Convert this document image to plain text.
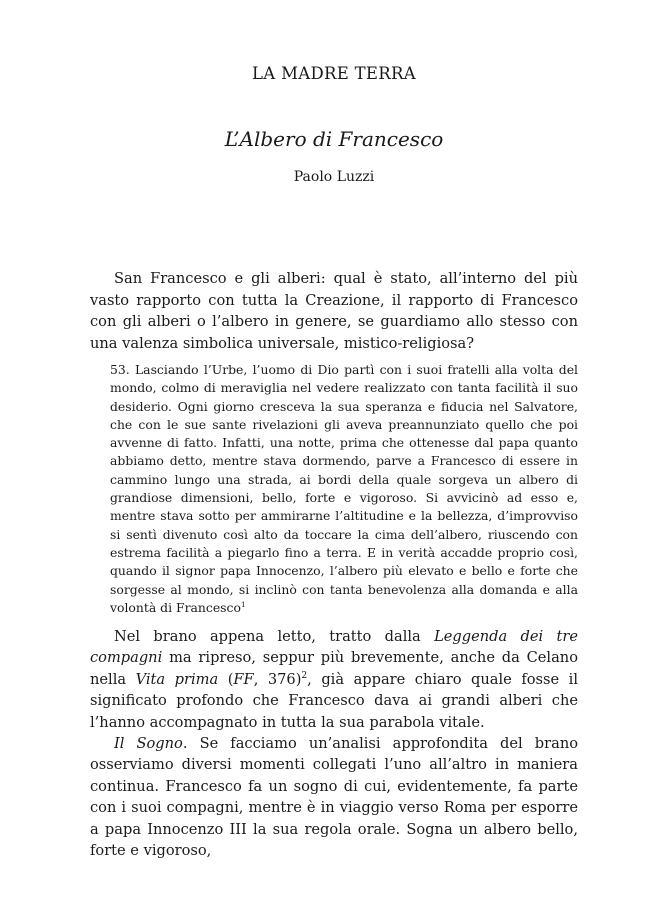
LA MADRE TERRA
L’Albero di Francesco

Paolo Luzzi

San Francesco e gli alberi: qual è stato, all’interno del più vasto rapporto con tutta la Creazione, il rapporto di Francesco con gli alberi o l’albero in genere, se guardiamo allo stesso con una valenza simbolica universale, mistico-religiosa?

53. Lasciando l’Urbe, l’uomo di Dio partì con i suoi fratelli alla volta del mondo, colmo di meraviglia nel vedere realizzato con tanta facilità il suo desiderio. Ogni giorno cresceva la sua speranza e fiducia nel Salvatore, che con le sue sante rivelazioni gli aveva preannunziato quello che poi avvenne di fatto. Infatti, una notte, prima che ottenesse dal papa quanto abbiamo detto, mentre stava dormendo, parve a Francesco di essere in cammino lungo una strada, ai bordi della quale sorgeva un albero di grandiose dimensioni, bello, forte e vigoroso. Si avvicinò ad esso e, mentre stava sotto per ammirarne l’altitudine e la bellezza, d’improvviso si sentì divenuto così alto da toccare la cima dell’albero, riuscendo con estrema facilità a piegarlo fino a terra. E in verità accadde proprio così, quando il signor papa Innocenzo, l’albero più elevato e bello e forte che sorgesse al mondo, si inclinò con tanta benevolenza alla domanda e alla volontà di Francesco$^1$

Nel brano appena letto, tratto dalla Leggenda dei tre compagni ma ripreso, seppur più brevemente, anche da Celano nella Vita prima (FF, 376)$^2$, già appare chiaro quale fosse il significato profondo che Francesco dava ai grandi alberi che l’hanno accompagnato in tutta la sua parabola vitale.

Il Sogno. Se facciamo un’analisi approfondita del brano osserviamo diversi momenti collegati l’uno all’altro in maniera continua. Francesco fa un sogno di cui, evidentemente, fa parte con i suoi compagni, mentre è in viaggio verso Roma per esporre a papa Innocenzo III la sua regola orale. Sogna un albero bello, forte e vigoroso,
